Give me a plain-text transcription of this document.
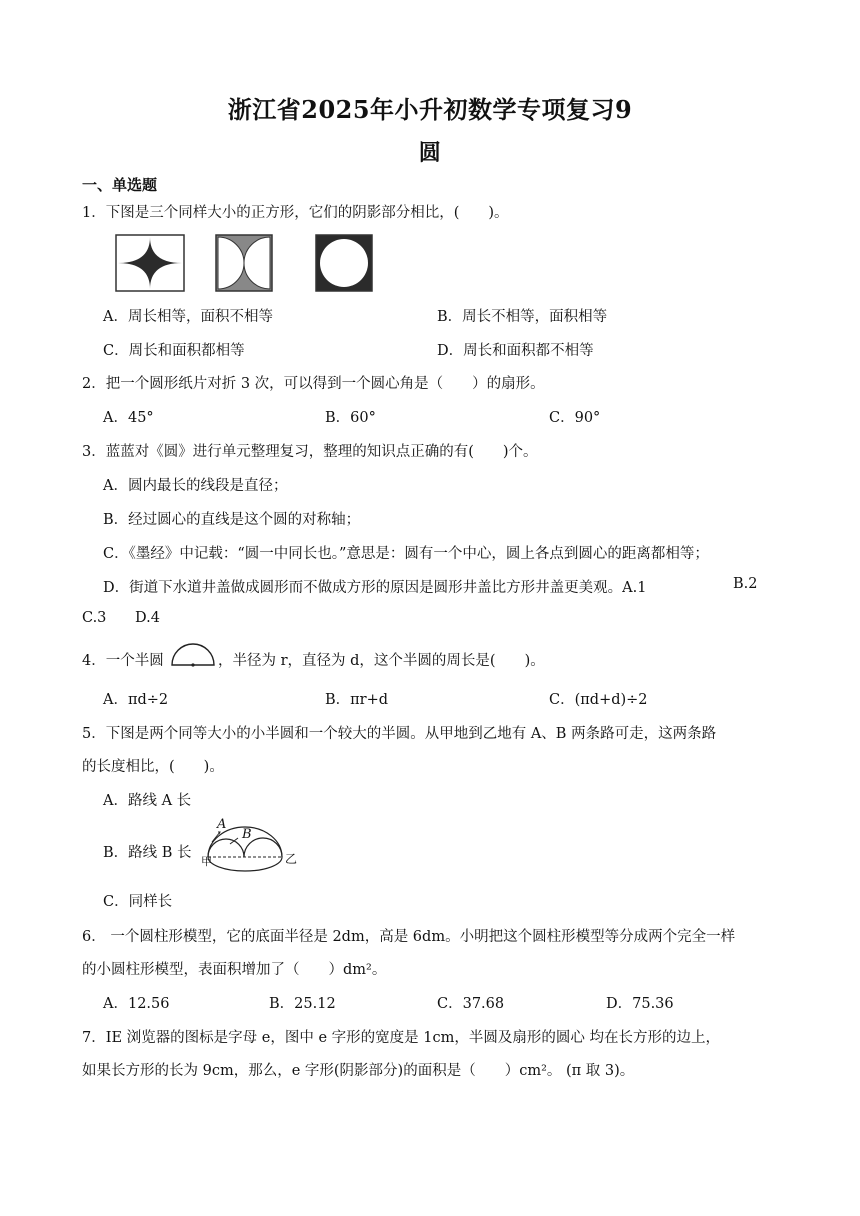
浙江省2025年小升初数学专项复习9
圆
一、单选题
1．下图是三个同样大小的正方形，它们的阴影部分相比，(　　)。
A．周长相等，面积不相等	B．周长不相等，面积相等
C．周长和面积都相等	D．周长和面积都不相等
2．把一个圆形纸片对折 3 次，可以得到一个圆心角是（　　）的扇形。
A．45°	B．60°	C．90°
3．蓝蓝对《圆》进行单元整理复习，整理的知识点正确的有(　　)个。
A．圆内最长的线段是直径；
B．经过圆心的直线是这个圆的对称轴；
C．《墨经》中记载：“圆一中同长也。”意思是：圆有一个中心，圆上各点到圆心的距离都相等；
D．街道下水道井盖做成圆形而不做成方形的原因是圆形井盖比方形井盖更美观。A.1	B.2
C.3 D.4
4．一个半圆	，半径为 r，直径为 d，这个半圆的周长是(　　)。
A．πd÷2	B．πr+d	C．(πd+d)÷2
5．下图是两个同等大小的小半圆和一个较大的半圆。从甲地到乙地有 A、B 两条路可走，这两条路
的长度相比，(　　)。
A．路线 A 长
B．路线 B 长
A
B
甲	乙
C．同样长
6． 一个圆柱形模型，它的底面半径是 2dm，高是 6dm。小明把这个圆柱形模型等分成两个完全一样
的小圆柱形模型，表面积增加了（　　）dm²。
A．12.56	B．25.12	C．37.68	D．75.36
7．IE 浏览器的图标是字母 e，图中 e 字形的宽度是 1cm，半圆及扇形的圆心 均在长方形的边上，
如果长方形的长为 9cm，那么，e 字形(阴影部分)的面积是（　　）cm²。 (π 取 3)。
